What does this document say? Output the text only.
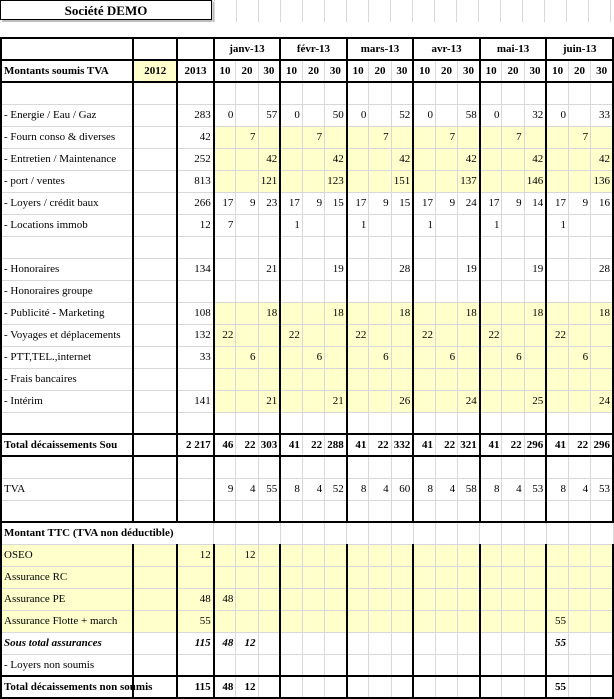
Société DEMO
			janv-13			févr-13			mars-13			avr-13			mai-13			juin-13		
Montants soumis TVA	2012	2013	10	20	30	10	20	30	10	20	30	10	20	30	10	20	30	10	20	30

- Energie / Eau / Gaz		283	0		57	0		50	0		52	0		58	0		32	0		33
- Fourn conso & diverses		42		7			7			7			7			7			7	
- Entretien / Maintenance		252			42			42			42			42			42			42
- port / ventes		813			121			123			151			137			146			136
- Loyers / crédit baux		266	17	9	23	17	9	15	17	9	15	17	9	24	17	9	14	17	9	16
- Locations immob		12	7			1			1			1			1			1		

- Honoraires		134			21			19			28			19			19			28
- Honoraires groupe																				
- Publicité - Marketing		108			18			18			18			18			18			18
- Voyages et déplacements		132	22			22			22			22			22			22		
- PTT,TEL.,internet		33		6			6			6			6			6			6	
- Frais bancaires																				
- Intérim		141			21			21			26			24			25			24

Total décaissements Sou		2 217	46	22	303	41	22	288	41	22	332	41	22	321	41	22	296	41	22	296

TVA			9	4	55	8	4	52	8	4	60	8	4	58	8	4	53	8	4	53

Montant TTC (TVA non déductible)																				
OSEO		12		12																
Assurance RC																				
Assurance PE		48	48																	
Assurance Flotte + march		55																55		
Sous total assurances		115	48	12														55		
- Loyers non soumis																				
Total décaissements non soumis		115	48	12														55		
